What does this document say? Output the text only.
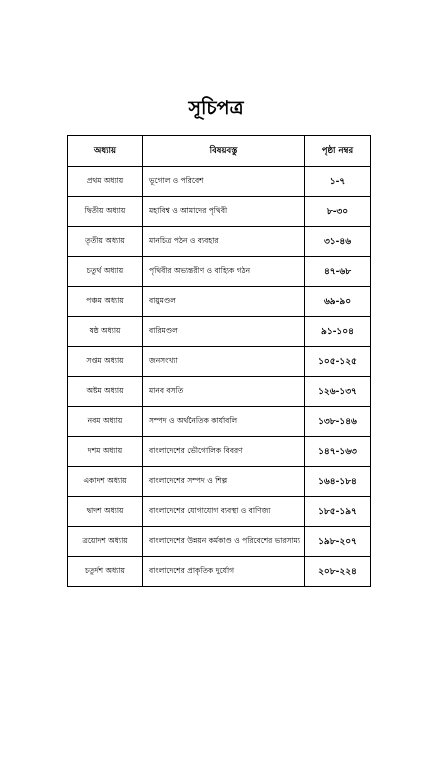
সূচিপত্র
অধ্যায়	বিষয়বস্তু	পৃষ্ঠা নম্বর
প্রথম অধ্যায়	ভূগোল ও পরিবেশ	১-৭
দ্বিতীয় অধ্যায়	মহাবিশ্ব ও আমাদের পৃথিবী	৮-৩০
তৃতীয় অধ্যায়	মানচিত্র পঠন ও ব্যবহার	৩১-৪৬
চতুর্থ অধ্যায়	পৃথিবীর অভ্যন্তরীণ ও বাহ্যিক গঠন	৪৭-৬৮
পঞ্চম অধ্যায়	বায়ুমণ্ডল	৬৯-৯০
ষষ্ঠ অধ্যায়	বারিমণ্ডল	৯১-১০৪
সপ্তম অধ্যায়	জনসংখ্যা	১০৫-১২৫
অষ্টম অধ্যায়	মানব বসতি	১২৬-১৩৭
নবম অধ্যায়	সম্পদ ও অর্থনৈতিক কার্যাবলি	১৩৮-১৪৬
দশম অধ্যায়	বাংলাদেশের ভৌগোলিক বিবরণ	১৪৭-১৬৩
একাদশ অধ্যায়	বাংলাদেশের সম্পদ ও শিল্প	১৬৪-১৮৪
দ্বাদশ অধ্যায়	বাংলাদেশের যোগাযোগ ব্যবস্থা ও বাণিজ্য	১৮৫-১৯৭
ত্রয়োদশ অধ্যায়	বাংলাদেশের উন্নয়ন কর্মকাণ্ড ও পরিবেশের ভারসাম্য	১৯৮-২০৭
চতুর্দশ অধ্যায়	বাংলাদেশের প্রাকৃতিক দুর্যোগ	২০৮-২২৪
